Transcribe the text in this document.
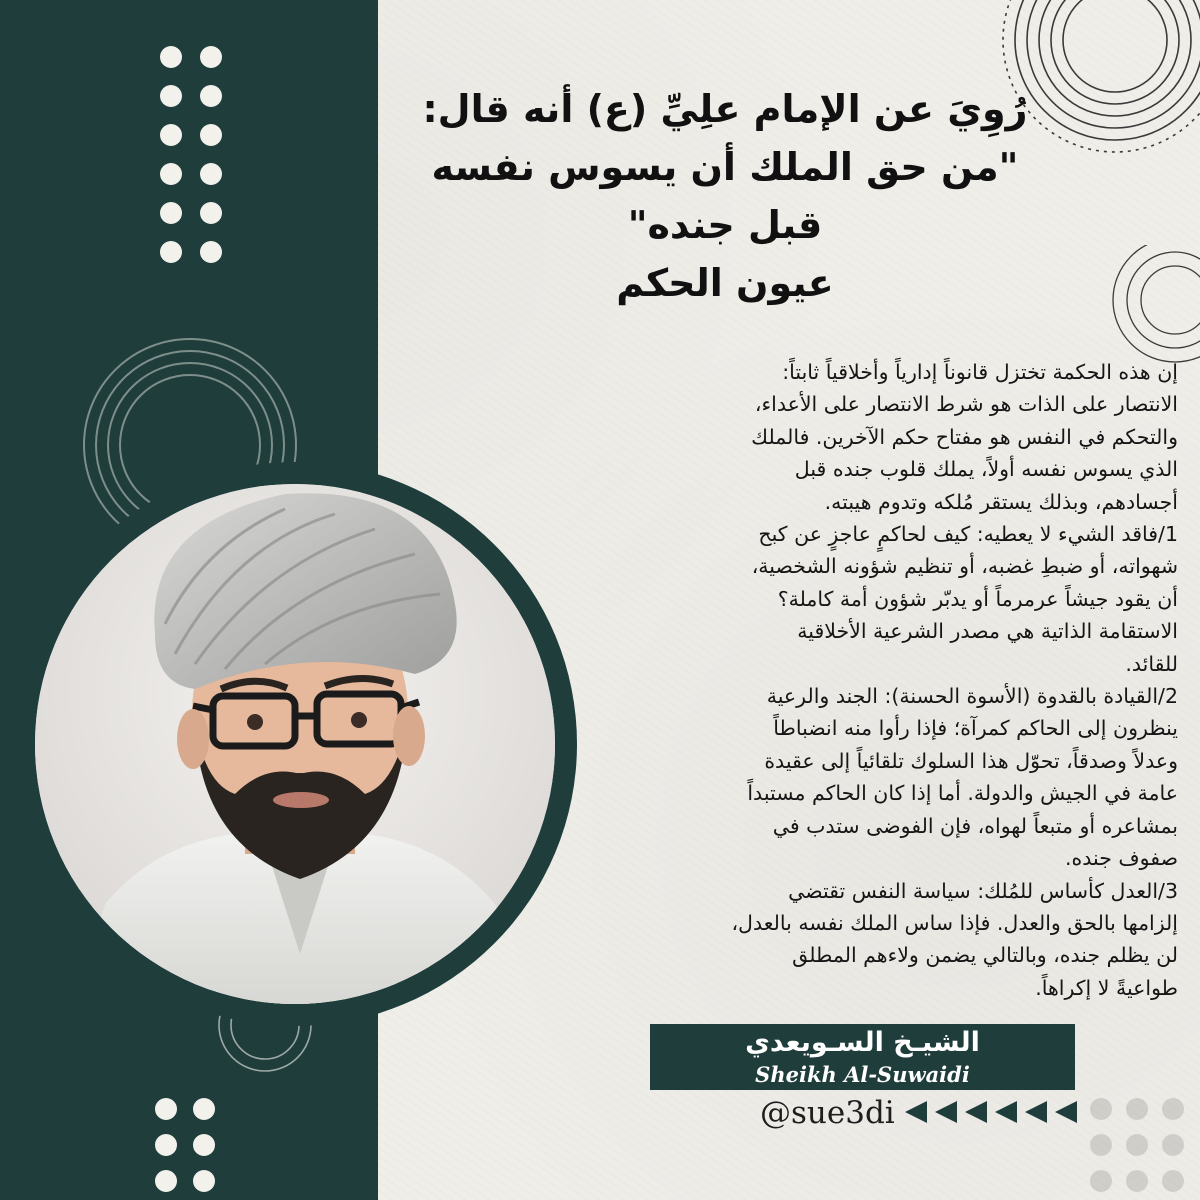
رُوِيَ عن الإمام علِيِّ (ع) أنه قال:
"من حق الملك أن يسوس نفسه
قبل جنده"
عيون الحكم
إن هذه الحكمة تختزل قانوناً إدارياً وأخلاقياً ثابتاً:
الانتصار على الذات هو شرط الانتصار على الأعداء،
والتحكم في النفس هو مفتاح حكم الآخرين. فالملك
الذي يسوس نفسه أولاً، يملك قلوب جنده قبل
أجسادهم، وبذلك يستقر مُلكه وتدوم هيبته.
1/فاقد الشيء لا يعطيه: كيف لحاكمٍ عاجزٍ عن كبح
شهواته، أو ضبطِ غضبه، أو تنظيم شؤونه الشخصية،
أن يقود جيشاً عرمرماً أو يدبّر شؤون أمة كاملة؟
الاستقامة الذاتية هي مصدر الشرعية الأخلاقية
للقائد.
2/القيادة بالقدوة (الأسوة الحسنة): الجند والرعية
ينظرون إلى الحاكم كمرآة؛ فإذا رأوا منه انضباطاً
وعدلاً وصدقاً، تحوّل هذا السلوك تلقائياً إلى عقيدة
عامة في الجيش والدولة. أما إذا كان الحاكم مستبداً
بمشاعره أو متبعاً لهواه، فإن الفوضى ستدب في
صفوف جنده.
3/العدل كأساس للمُلك: سياسة النفس تقتضي
إلزامها بالحق والعدل. فإذا ساس الملك نفسه بالعدل،
لن يظلم جنده، وبالتالي يضمن ولاءهم المطلق
طواعيةً لا إكراهاً.
الشيـخ السـويعدي
Sheikh Al-Suwaidi
@sue3di
